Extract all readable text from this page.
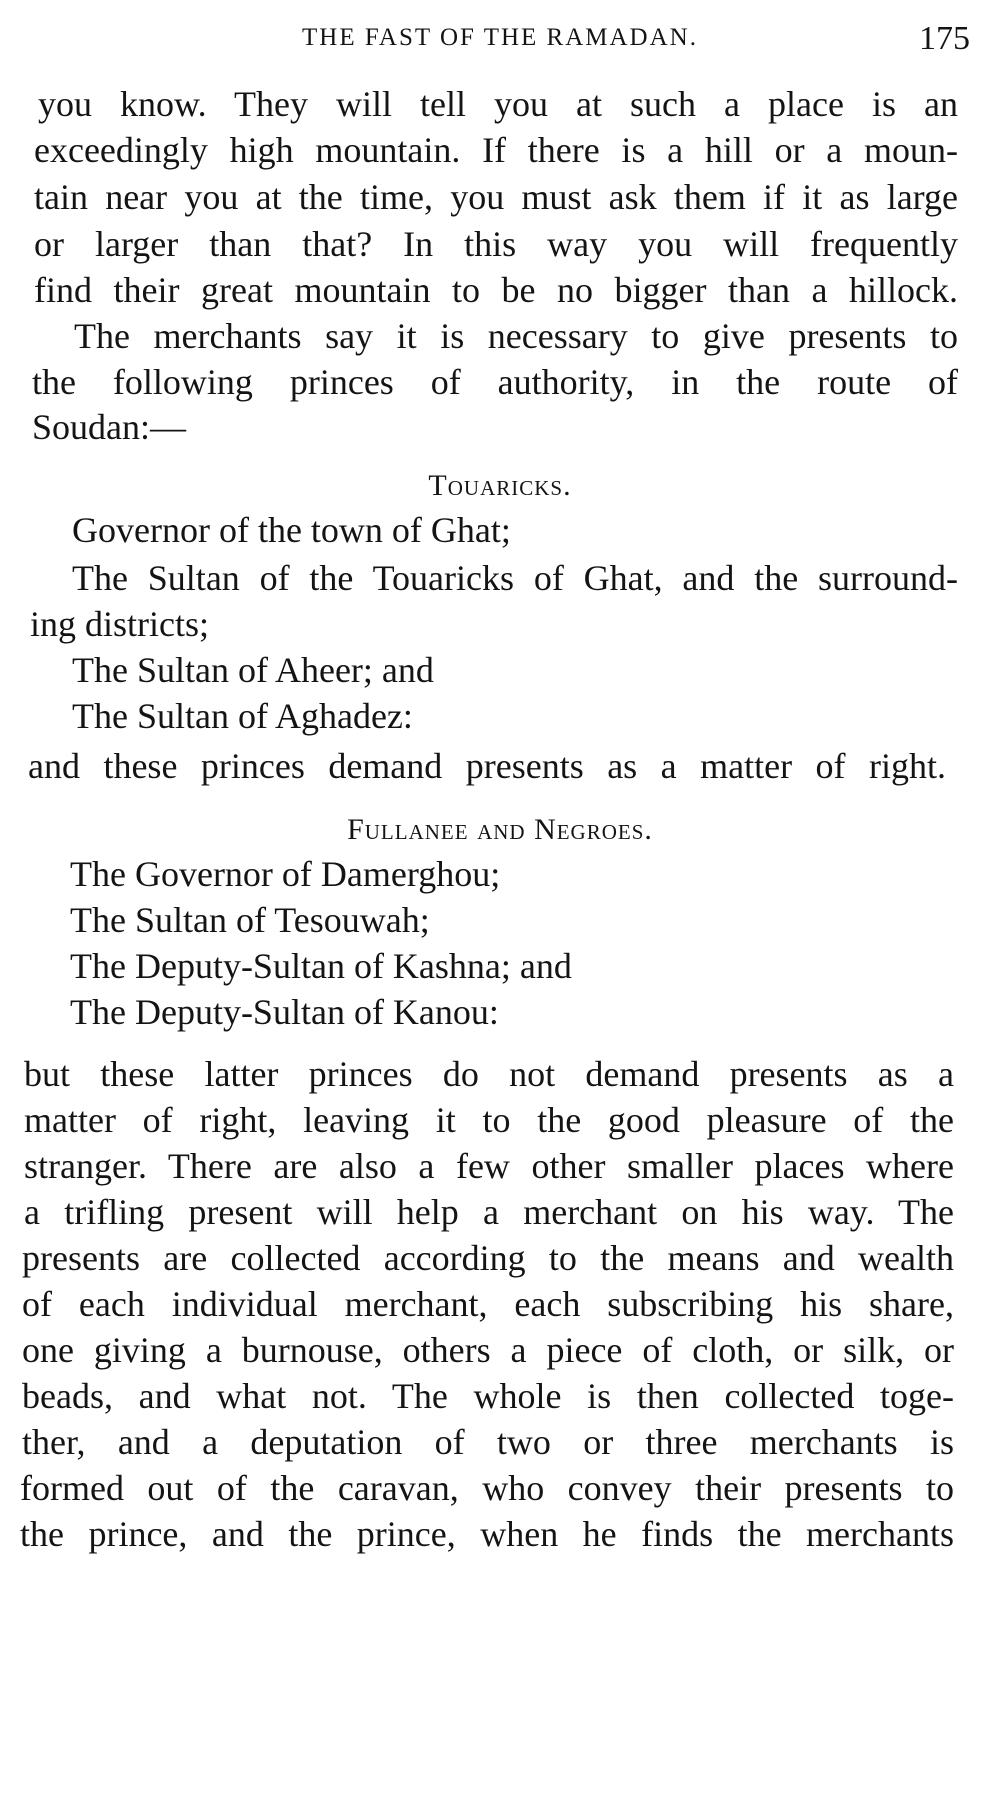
THE FAST OF THE RAMADAN.	175
you know. They will tell you at such a place is an
exceedingly high mountain. If there is a hill or a moun-
tain near you at the time, you must ask them if it as large
or larger than that? In this way you will frequently
find their great mountain to be no bigger than a hillock.
The merchants say it is necessary to give presents to
the following princes of authority, in the route of
Soudan:—
Touaricks.
Governor of the town of Ghat;
The Sultan of the Touaricks of Ghat, and the surround-
ing districts;
The Sultan of Aheer; and
The Sultan of Aghadez:
and these princes demand presents as a matter of right.
Fullanee and Negroes.
The Governor of Damerghou;
The Sultan of Tesouwah;
The Deputy-Sultan of Kashna; and
The Deputy-Sultan of Kanou:
but these latter princes do not demand presents as a
matter of right, leaving it to the good pleasure of the
stranger. There are also a few other smaller places where
a trifling present will help a merchant on his way. The
presents are collected according to the means and wealth
of each individual merchant, each subscribing his share,
one giving a burnouse, others a piece of cloth, or silk, or
beads, and what not. The whole is then collected toge-
ther, and a deputation of two or three merchants is
formed out of the caravan, who convey their presents to
the prince, and the prince, when he finds the merchants
